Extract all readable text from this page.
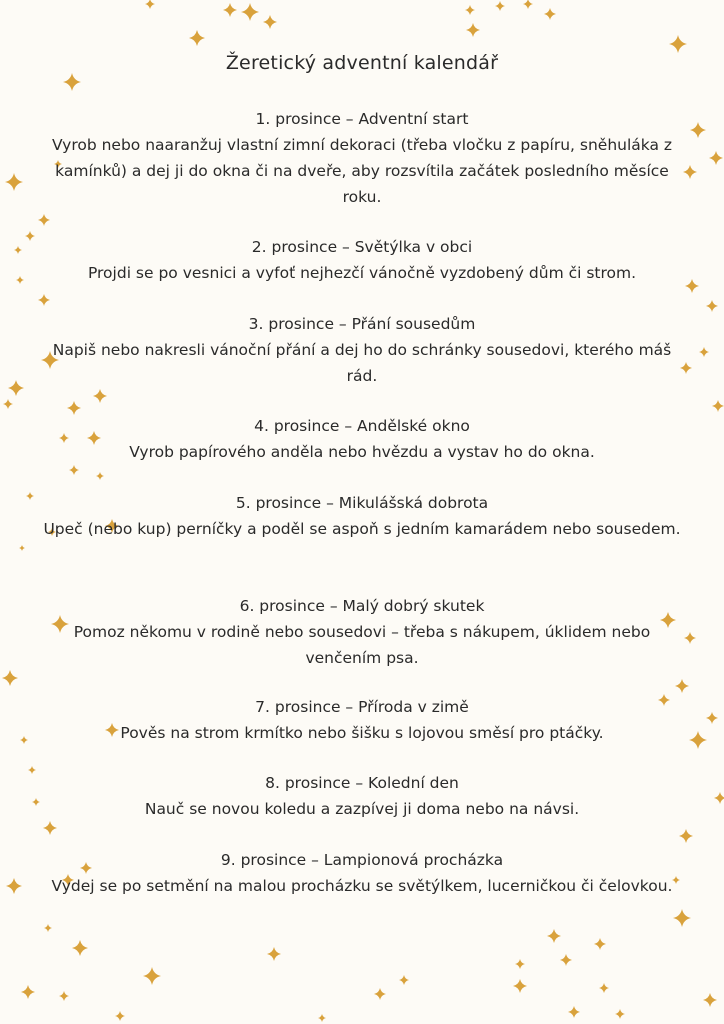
Žeretický adventní kalendář
1. prosince – Adventní start
Vyrob nebo naaranžuj vlastní zimní dekoraci (třeba vločku z papíru, sněhuláka z kamínků) a dej ji do okna či na dveře, aby rozsvítila začátek posledního měsíce roku.
2. prosince – Světýlka v obci
Projdi se po vesnici a vyfoť nejhezčí vánočně vyzdobený dům či strom.
3. prosince – Přání sousedům
Napiš nebo nakresli vánoční přání a dej ho do schránky sousedovi, kterého máš rád.
4. prosince – Andělské okno
Vyrob papírového anděla nebo hvězdu a vystav ho do okna.
5. prosince – Mikulášská dobrota
Upeč (nebo kup) perníčky a poděl se aspoň s jedním kamarádem nebo sousedem.
6. prosince – Malý dobrý skutek
Pomoz někomu v rodině nebo sousedovi – třeba s nákupem, úklidem nebo venčením psa.
7. prosince – Příroda v zimě
Pověs na strom krmítko nebo šišku s lojovou směsí pro ptáčky.
8. prosince – Kolední den
Nauč se novou koledu a zazpívej ji doma nebo na návsi.
9. prosince – Lampionová procházka
Vydej se po setmění na malou procházku se světýlkem, lucerničkou či čelovkou.
